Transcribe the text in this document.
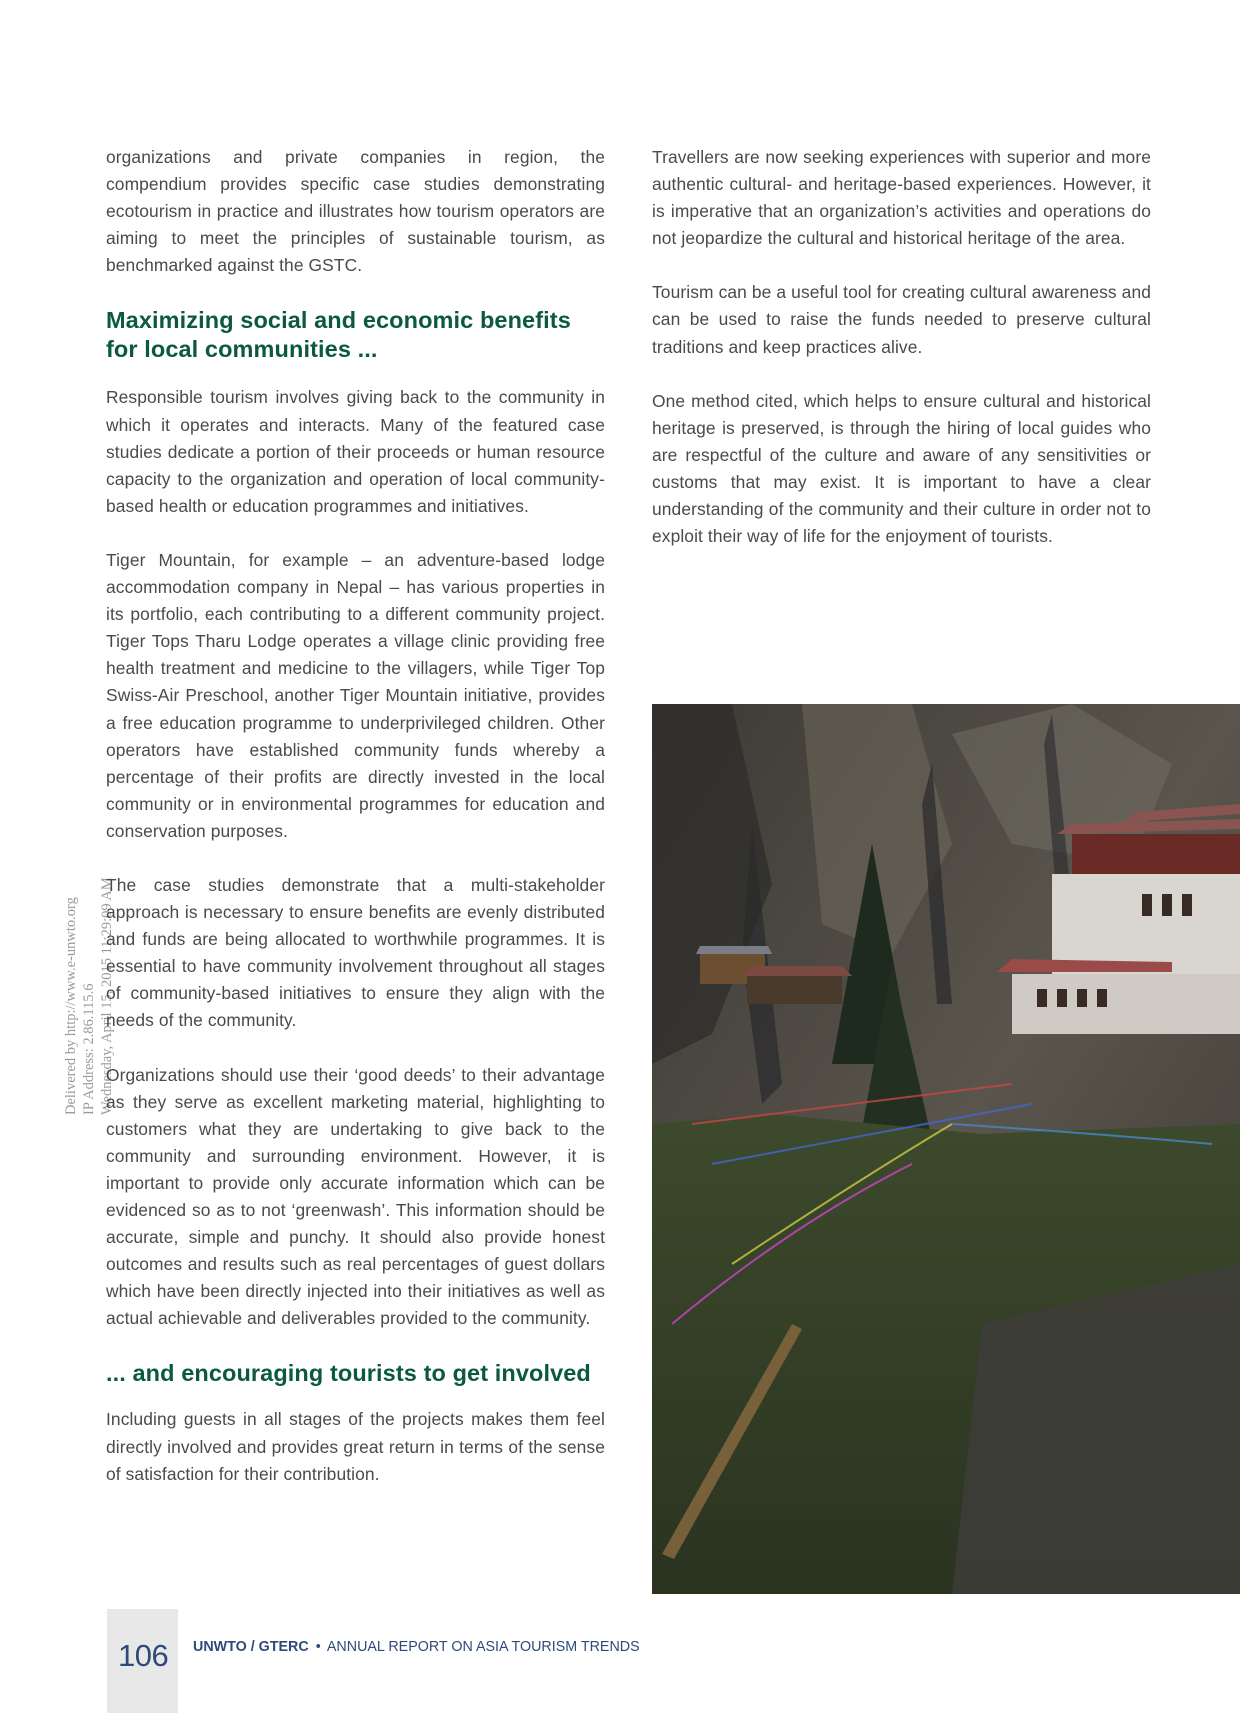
Delivered by http://www.e-unwto.org IP Address: 2.86.115.6 Wednesday, April 15, 2015 11:29:09 AM

organizations and private companies in region, the compendium provides specific case studies demonstrating ecotourism in practice and illustrates how tourism operators are aiming to meet the principles of sustainable tourism, as benchmarked against the GSTC.

Maximizing social and economic benefits for local communities ...

Responsible tourism involves giving back to the community in which it operates and interacts. Many of the featured case studies dedicate a portion of their proceeds or human resource capacity to the organization and operation of local community-based health or education programmes and initiatives.

Tiger Mountain, for example – an adventure-based lodge accommodation company in Nepal – has various properties in its portfolio, each contributing to a different community project. Tiger Tops Tharu Lodge operates a village clinic providing free health treatment and medicine to the villagers, while Tiger Top Swiss-Air Preschool, another Tiger Mountain initiative, provides a free education programme to underprivileged children. Other operators have established community funds whereby a percentage of their profits are directly invested in the local community or in environmental programmes for education and conservation purposes.

The case studies demonstrate that a multi-stakeholder approach is necessary to ensure benefits are evenly distributed and funds are being allocated to worthwhile programmes. It is essential to have community involvement throughout all stages of community-based initiatives to ensure they align with the needs of the community.

Organizations should use their ‘good deeds’ to their advantage as they serve as excellent marketing material, highlighting to customers what they are undertaking to give back to the community and surrounding environment. However, it is important to provide only accurate information which can be evidenced so as to not ‘greenwash’. This information should be accurate, simple and punchy. It should also provide honest outcomes and results such as real percentages of guest dollars which have been directly injected into their initiatives as well as actual achievable and deliverables provided to the community.

... and encouraging tourists to get involved

Including guests in all stages of the projects makes them feel directly involved and provides great return in terms of the sense of satisfaction for their contribution.

Travellers are now seeking experiences with superior and more authentic cultural- and heritage-based experiences. However, it is imperative that an organization’s activities and operations do not jeopardize the cultural and historical heritage of the area.

Tourism can be a useful tool for creating cultural awareness and can be used to raise the funds needed to preserve cultural traditions and keep practices alive.

One method cited, which helps to ensure cultural and historical heritage is preserved, is through the hiring of local guides who are respectful of the culture and aware of any sensitivities or customs that may exist. It is important to have a clear understanding of the community and their culture in order not to exploit their way of life for the enjoyment of tourists.

106 UNWTO / GTERC • ANNUAL REPORT ON ASIA TOURISM TRENDS
